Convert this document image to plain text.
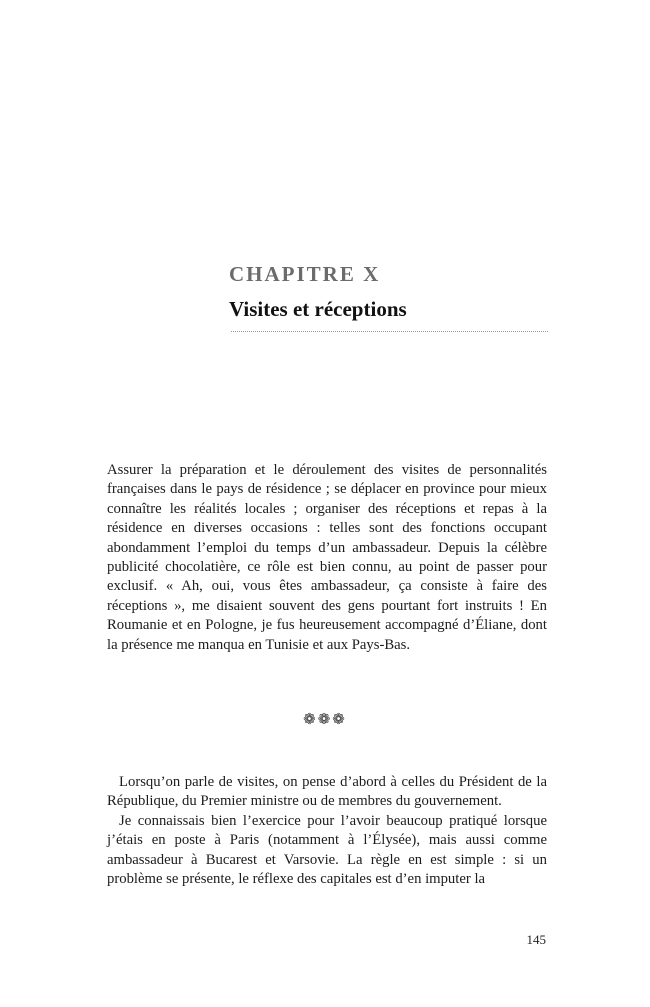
CHAPITRE X
Visites et réceptions

Assurer la préparation et le déroulement des visites de personnalités françaises dans le pays de résidence ; se déplacer en province pour mieux connaître les réalités locales ; organiser des réceptions et repas à la résidence en diverses occasions : telles sont des fonctions occupant abondamment l’emploi du temps d’un ambassadeur. Depuis la célèbre publicité chocolatière, ce rôle est bien connu, au point de passer pour exclusif. « Ah, oui, vous êtes ambassadeur, ça consiste à faire des réceptions », me disaient souvent des gens pourtant fort instruits ! En Roumanie et en Pologne, je fus heureusement accompagné d’Éliane, dont la présence me manqua en Tunisie et aux Pays-Bas.

❁❁❁

Lorsqu’on parle de visites, on pense d’abord à celles du Président de la République, du Premier ministre ou de membres du gouvernement.

Je connaissais bien l’exercice pour l’avoir beaucoup pratiqué lorsque j’étais en poste à Paris (notamment à l’Élysée), mais aussi comme ambassadeur à Bucarest et Varsovie. La règle en est simple : si un problème se présente, le réflexe des capitales est d’en imputer la

145
